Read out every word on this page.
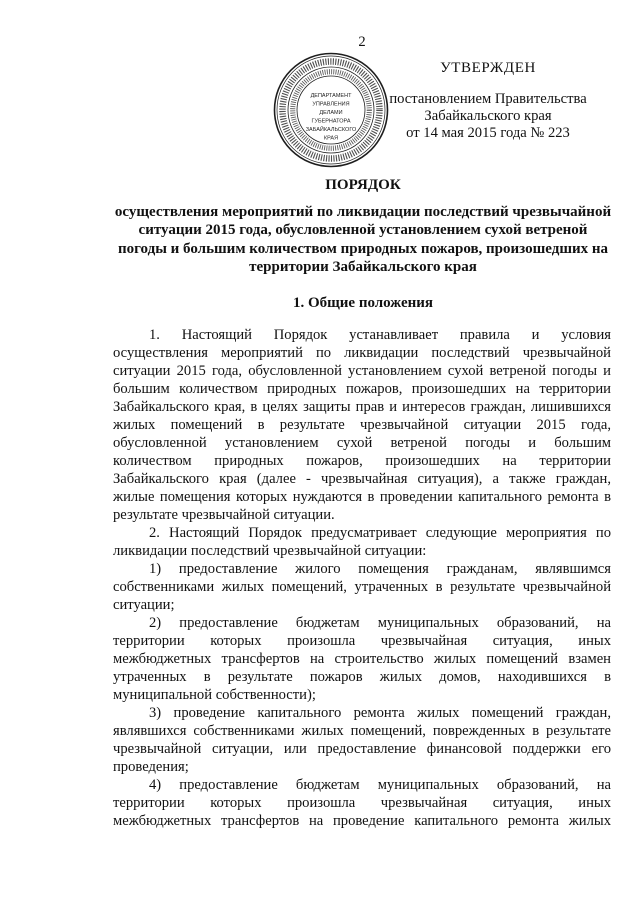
2
ДЕПАРТАМЕНТ
УПРАВЛЕНИЯ
ДЕЛАМИ
ГУБЕРНАТОРА
ЗАБАЙКАЛЬСКОГО
КРАЯ
УТВЕРЖДЕН
постановлением Правительства
Забайкальского края
от 14 мая 2015 года № 223
ПОРЯДОК
осуществления мероприятий по ликвидации последствий чрезвычайной
ситуации 2015 года, обусловленной установлением сухой ветреной
погоды и большим количеством природных пожаров, произошедших на
территории Забайкальского края
1. Общие положения
1. Настоящий Порядок устанавливает правила и условия
осуществления мероприятий по ликвидации последствий чрезвычайной
ситуации 2015 года, обусловленной установлением сухой ветреной погоды и
большим количеством природных пожаров, произошедших на территории
Забайкальского края, в целях защиты прав и интересов граждан, лишившихся
жилых помещений в результате чрезвычайной ситуации 2015 года,
обусловленной установлением сухой ветреной погоды и большим
количеством природных пожаров, произошедших на территории
Забайкальского края (далее - чрезвычайная ситуация), а также граждан,
жилые помещения которых нуждаются в проведении капитального ремонта в
результате чрезвычайной ситуации.
2. Настоящий Порядок предусматривает следующие мероприятия по
ликвидации последствий чрезвычайной ситуации:
1) предоставление жилого помещения гражданам, являвшимся
собственниками жилых помещений, утраченных в результате чрезвычайной
ситуации;
2) предоставление бюджетам муниципальных образований, на
территории которых произошла чрезвычайная ситуация, иных
межбюджетных трансфертов на строительство жилых помещений взамен
утраченных в результате пожаров жилых домов, находившихся в
муниципальной собственности);
3) проведение капитального ремонта жилых помещений граждан,
являвшихся собственниками жилых помещений, поврежденных в результате
чрезвычайной ситуации, или предоставление финансовой поддержки его
проведения;
4) предоставление бюджетам муниципальных образований, на
территории которых произошла чрезвычайная ситуация, иных
межбюджетных трансфертов на проведение капитального ремонта жилых
